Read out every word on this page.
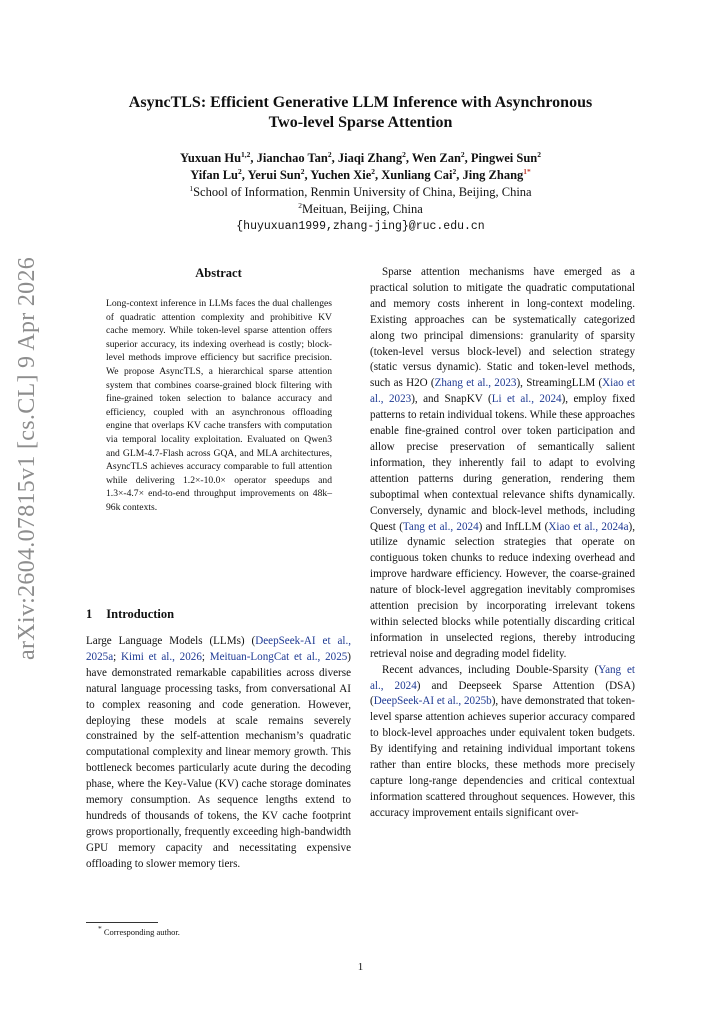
arXiv:2604.07815v1 [cs.CL] 9 Apr 2026
AsyncTLS: Efficient Generative LLM Inference with Asynchronous
Two-level Sparse Attention
Yuxuan Hu$^{1,2}$, Jianchao Tan$^2$, Jiaqi Zhang$^2$, Wen Zan$^2$, Pingwei Sun$^2$
Yifan Lu$^2$, Yerui Sun$^2$, Yuchen Xie$^2$, Xunliang Cai$^2$, Jing Zhang$^{1*}$
$^1$School of Information, Renmin University of China, Beijing, China
$^2$Meituan, Beijing, China
{huyuxuan1999,zhang-jing}@ruc.edu.cn
Abstract
Long-context inference in LLMs faces the dual challenges of quadratic attention complexity and prohibitive KV cache memory. While token-level sparse attention offers superior accuracy, its indexing overhead is costly; block-level methods improve efficiency but sacrifice precision. We propose AsyncTLS, a hierarchical sparse attention system that combines coarse-grained block filtering with fine-grained token selection to balance accuracy and efficiency, coupled with an asynchronous offloading engine that overlaps KV cache transfers with computation via temporal locality exploitation. Evaluated on Qwen3 and GLM-4.7-Flash across GQA, and MLA architectures, AsyncTLS achieves accuracy comparable to full attention while delivering 1.2×-10.0× operator speedups and 1.3×-4.7× end-to-end throughput improvements on 48k–96k contexts.
1 Introduction

Large Language Models (LLMs) (DeepSeek-AI et al., 2025a; Kimi et al., 2026; Meituan-LongCat et al., 2025) have demonstrated remarkable capabilities across diverse natural language processing tasks, from conversational AI to complex reasoning and code generation. However, deploying these models at scale remains severely constrained by the self-attention mechanism’s quadratic computational complexity and linear memory growth. This bottleneck becomes particularly acute during the decoding phase, where the Key-Value (KV) cache storage dominates memory consumption. As sequence lengths extend to hundreds of thousands of tokens, the KV cache footprint grows proportionally, frequently exceeding high-bandwidth GPU memory capacity and necessitating expensive offloading to slower memory tiers.

Sparse attention mechanisms have emerged as a practical solution to mitigate the quadratic computational and memory costs inherent in long-context modeling. Existing approaches can be systematically categorized along two principal dimensions: granularity of sparsity (token-level versus block-level) and selection strategy (static versus dynamic). Static and token-level methods, such as H2O (Zhang et al., 2023), StreamingLLM (Xiao et al., 2023), and SnapKV (Li et al., 2024), employ fixed patterns to retain individual tokens. While these approaches enable fine-grained control over token participation and allow precise preservation of semantically salient information, they inherently fail to adapt to evolving attention patterns during generation, rendering them suboptimal when contextual relevance shifts dynamically. Conversely, dynamic and block-level methods, including Quest (Tang et al., 2024) and InfLLM (Xiao et al., 2024a), utilize dynamic selection strategies that operate on contiguous token chunks to reduce indexing overhead and improve hardware efficiency. However, the coarse-grained nature of block-level aggregation inevitably compromises attention precision by incorporating irrelevant tokens within selected blocks while potentially discarding critical information in unselected regions, thereby introducing retrieval noise and degrading model fidelity.

Recent advances, including Double-Sparsity (Yang et al., 2024) and Deepseek Sparse Attention (DSA) (DeepSeek-AI et al., 2025b), have demonstrated that token-level sparse attention achieves superior accuracy compared to block-level approaches under equivalent token budgets. By identifying and retaining individual important tokens rather than entire blocks, these methods more precisely capture long-range dependencies and critical contextual information scattered throughout sequences. However, this accuracy improvement entails significant over-

* Corresponding author.
1
